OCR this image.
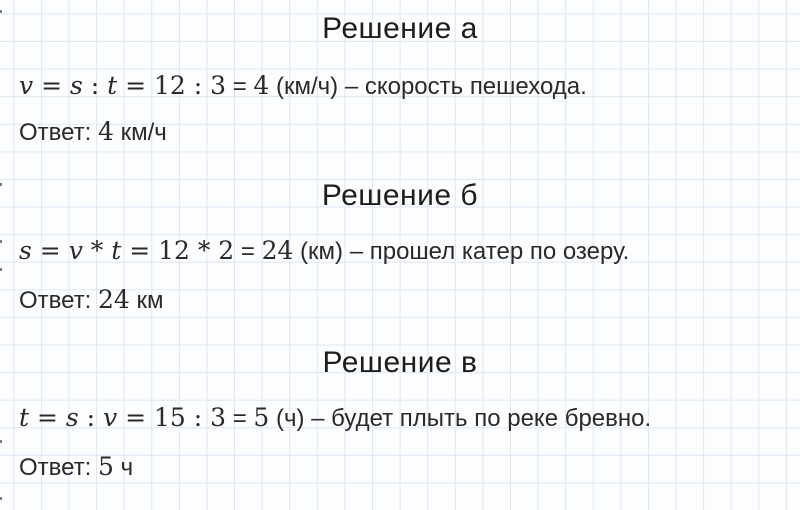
Решение а

v = s : t = 12 : 3 = 4 (км/ч) – скорость пешехода.

Ответ: 4 км/ч

Решение б

s = v * t = 12 * 2 = 24 (км) – прошел катер по озеру.

Ответ: 24 км

Решение в

t = s : v = 15 : 3 = 5 (ч) – будет плыть по реке бревно.

Ответ: 5 ч
